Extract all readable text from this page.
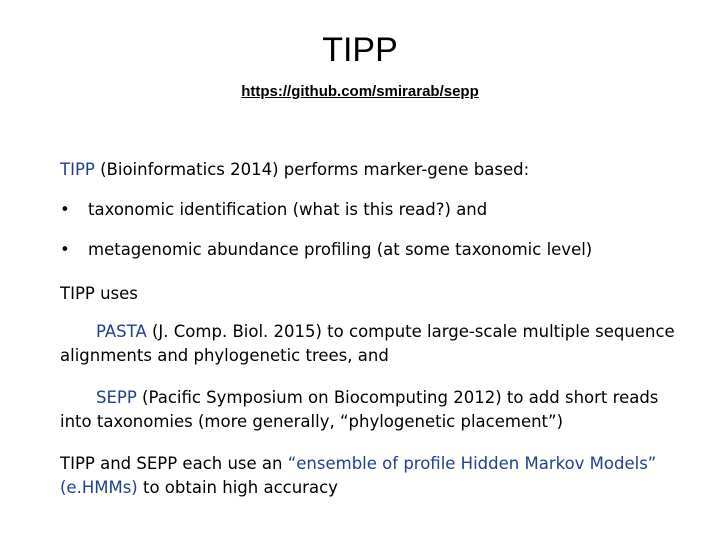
TIPP
https://github.com/smirarab/sepp
TIPP (Bioinformatics 2014) performs marker-gene based:
• taxonomic identification (what is this read?) and
• metagenomic abundance profiling (at some taxonomic level)
TIPP uses
PASTA (J. Comp. Biol. 2015) to compute large-scale multiple sequence alignments and phylogenetic trees, and
SEPP (Pacific Symposium on Biocomputing 2012) to add short reads into taxonomies (more generally, “phylogenetic placement”)
TIPP and SEPP each use an “ensemble of profile Hidden Markov Models” (e.HMMs) to obtain high accuracy
